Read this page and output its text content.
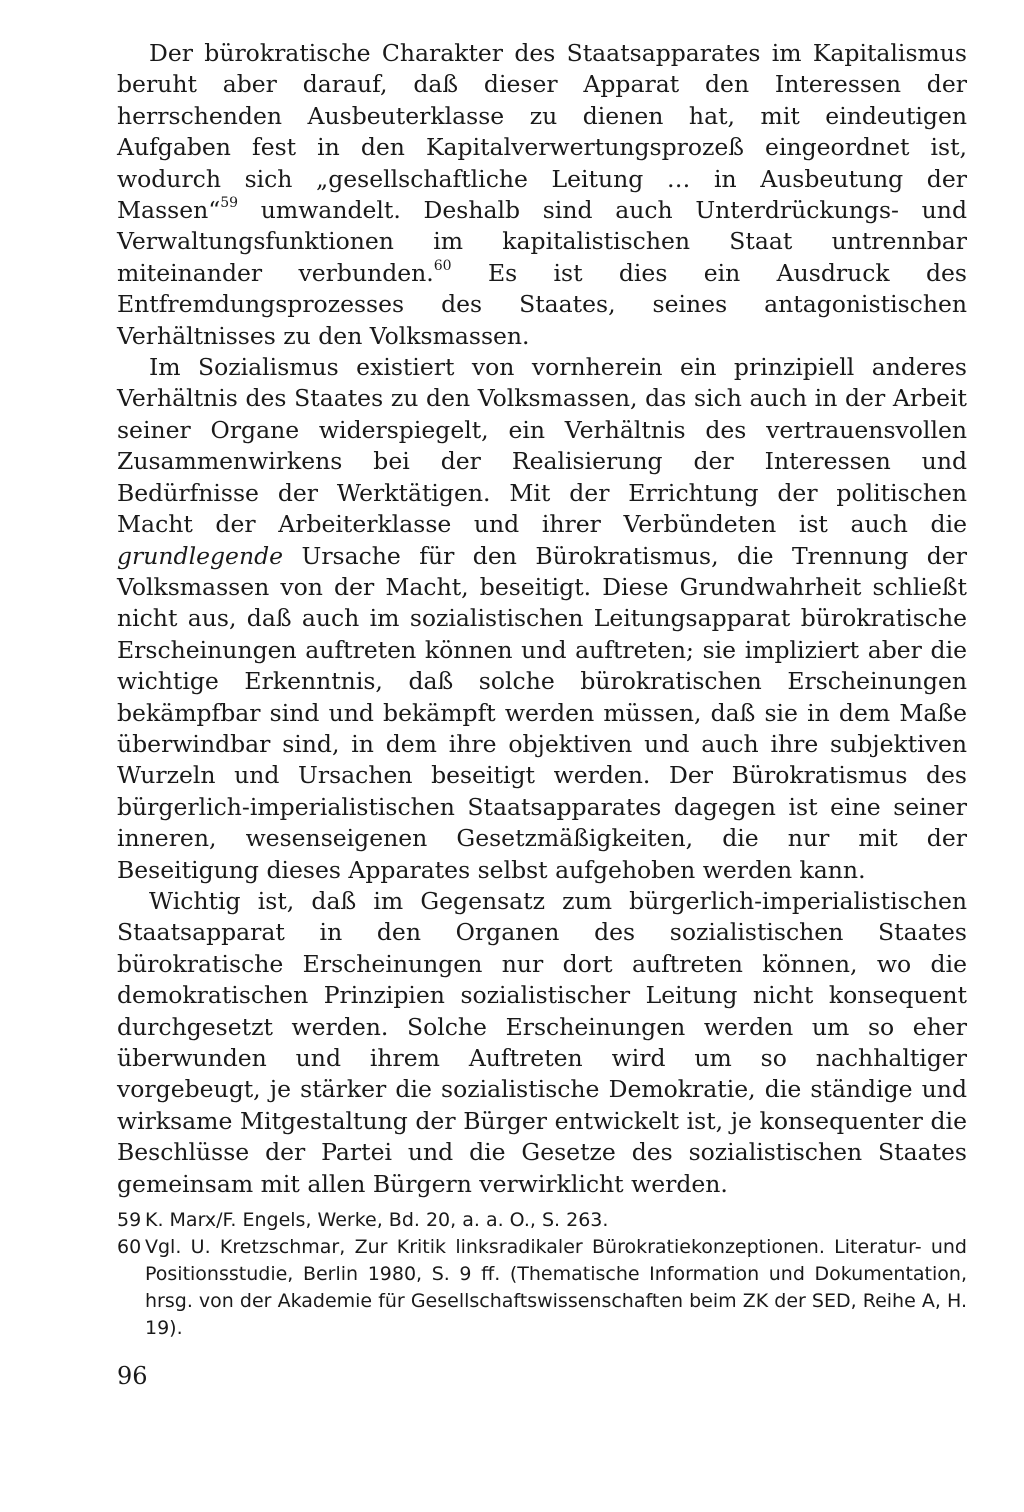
Der bürokratische Charakter des Staatsapparates im Kapitalismus beruht aber darauf, daß dieser Apparat den Interessen der herrschenden Ausbeuterklasse zu dienen hat, mit eindeutigen Aufgaben fest in den Kapitalverwertungsprozeß eingeordnet ist, wodurch sich „gesellschaftliche Leitung … in Ausbeutung der Massen“$^{59}$ umwandelt. Deshalb sind auch Unterdrückungs- und Verwaltungsfunktionen im kapitalistischen Staat untrennbar miteinander verbunden.$^{60}$ Es ist dies ein Ausdruck des Entfremdungsprozesses des Staates, seines antagonistischen Verhältnisses zu den Volksmassen.

Im Sozialismus existiert von vornherein ein prinzipiell anderes Verhältnis des Staates zu den Volksmassen, das sich auch in der Arbeit seiner Organe widerspiegelt, ein Verhältnis des vertrauensvollen Zusammenwirkens bei der Realisierung der Interessen und Bedürfnisse der Werktätigen. Mit der Errichtung der politischen Macht der Arbeiterklasse und ihrer Verbündeten ist auch die grundlegende Ursache für den Bürokratismus, die Trennung der Volksmassen von der Macht, beseitigt. Diese Grundwahrheit schließt nicht aus, daß auch im sozialistischen Leitungsapparat bürokratische Erscheinungen auftreten können und auftreten; sie impliziert aber die wichtige Erkenntnis, daß solche bürokratischen Erscheinungen bekämpfbar sind und bekämpft werden müssen, daß sie in dem Maße überwindbar sind, in dem ihre objektiven und auch ihre subjektiven Wurzeln und Ursachen beseitigt werden. Der Bürokratismus des bürgerlich-imperialistischen Staatsapparates dagegen ist eine seiner inneren, wesenseigenen Gesetzmäßigkeiten, die nur mit der Beseitigung dieses Apparates selbst aufgehoben werden kann.

Wichtig ist, daß im Gegensatz zum bürgerlich-imperialistischen Staatsapparat in den Organen des sozialistischen Staates bürokratische Erscheinungen nur dort auftreten können, wo die demokratischen Prinzipien sozialistischer Leitung nicht konsequent durchgesetzt werden. Solche Erscheinungen werden um so eher überwunden und ihrem Auftreten wird um so nachhaltiger vorgebeugt, je stärker die sozialistische Demokratie, die ständige und wirksame Mitgestaltung der Bürger entwickelt ist, je konsequenter die Beschlüsse der Partei und die Gesetze des sozialistischen Staates gemeinsam mit allen Bürgern verwirklicht werden.

59 K. Marx/F. Engels, Werke, Bd. 20, a. a. O., S. 263.
60 Vgl. U. Kretzschmar, Zur Kritik linksradikaler Bürokratiekonzeptionen. Literatur- und Positionsstudie, Berlin 1980, S. 9 ff. (Thematische Information und Dokumentation, hrsg. von der Akademie für Gesellschaftswissenschaften beim ZK der SED, Reihe A, H. 19).
96
